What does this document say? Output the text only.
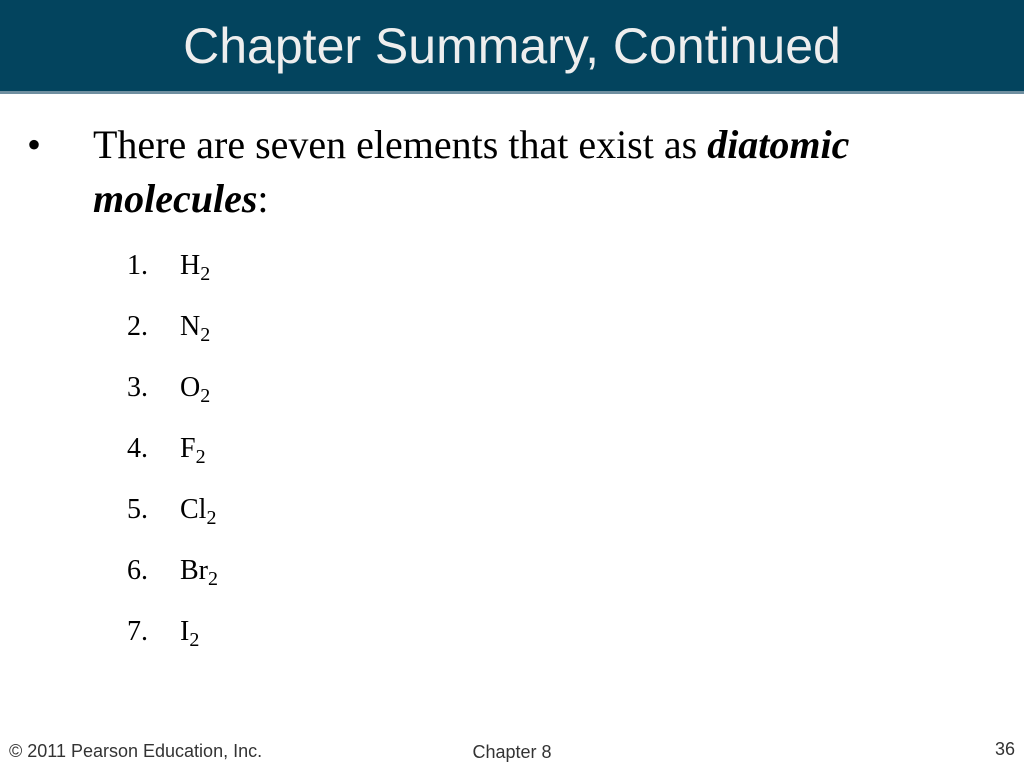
Chapter Summary, Continued
• There are seven elements that exist as diatomic molecules:
1. $H_2$
2. $N_2$
3. $O_2$
4. $F_2$
5. $Cl_2$
6. $Br_2$
7. $I_2$
© 2011 Pearson Education, Inc.	Chapter 8	36
